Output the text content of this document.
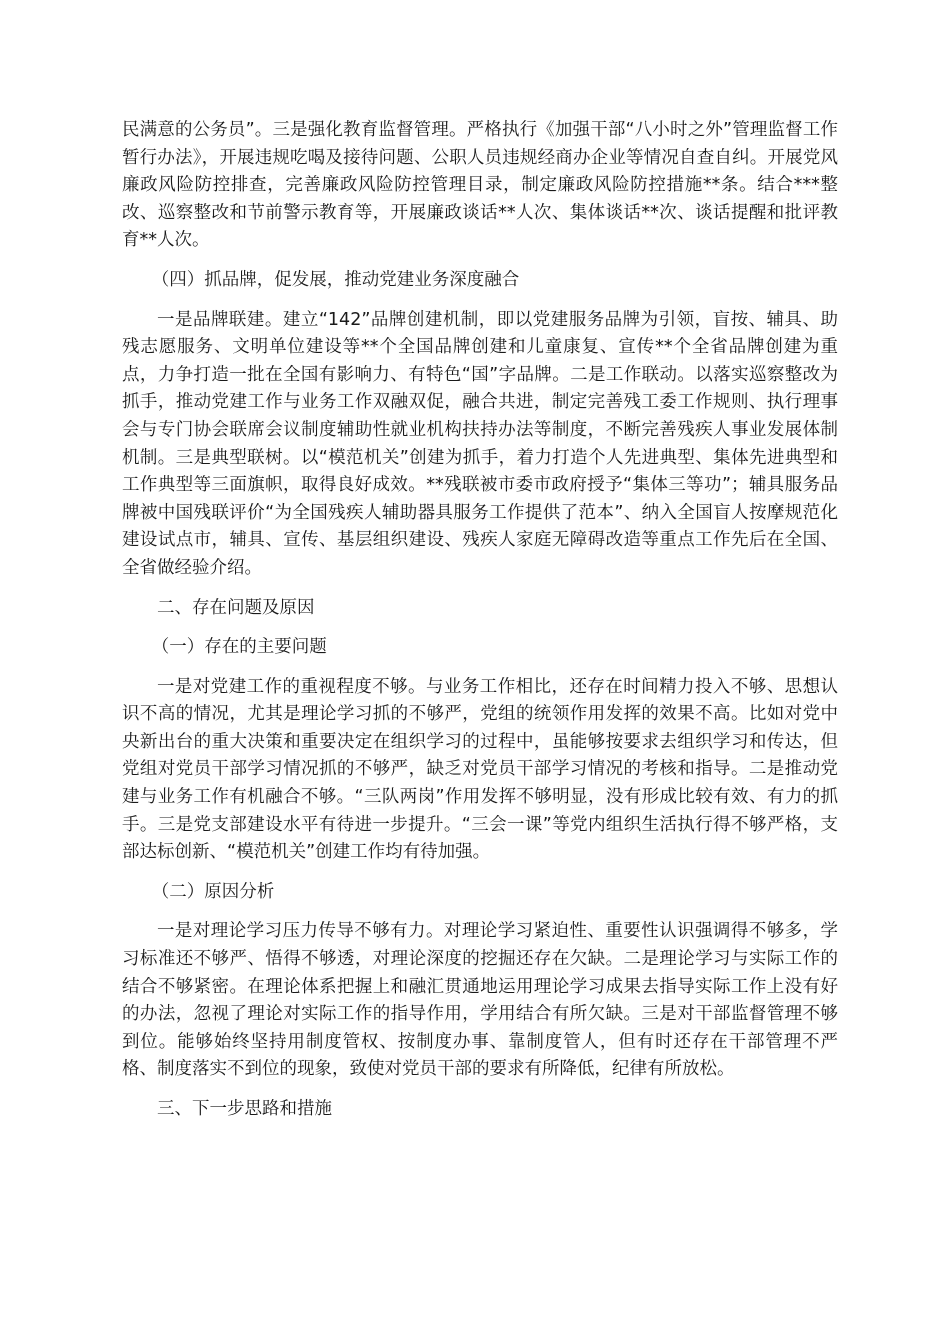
民满意的公务员”。三是强化教育监督管理。严格执行《加强干部“八小时之外”管理监督工作暂行办法》，开展违规吃喝及接待问题、公职人员违规经商办企业等情况自查自纠。开展党风廉政风险防控排查，完善廉政风险防控管理目录，制定廉政风险防控措施**条。结合***整改、巡察整改和节前警示教育等，开展廉政谈话**人次、集体谈话**次、谈话提醒和批评教育**人次。

（四）抓品牌，促发展，推动党建业务深度融合

一是品牌联建。建立“142”品牌创建机制，即以党建服务品牌为引领，盲按、辅具、助残志愿服务、文明单位建设等**个全国品牌创建和儿童康复、宣传**个全省品牌创建为重点，力争打造一批在全国有影响力、有特色“国”字品牌。二是工作联动。以落实巡察整改为抓手，推动党建工作与业务工作双融双促，融合共进，制定完善残工委工作规则、执行理事会与专门协会联席会议制度辅助性就业机构扶持办法等制度，不断完善残疾人事业发展体制机制。三是典型联树。以“模范机关”创建为抓手，着力打造个人先进典型、集体先进典型和工作典型等三面旗帜，取得良好成效。**残联被市委市政府授予“集体三等功”；辅具服务品牌被中国残联评价“为全国残疾人辅助器具服务工作提供了范本”、纳入全国盲人按摩规范化建设试点市，辅具、宣传、基层组织建设、残疾人家庭无障碍改造等重点工作先后在全国、全省做经验介绍。

二、存在问题及原因

（一）存在的主要问题

一是对党建工作的重视程度不够。与业务工作相比，还存在时间精力投入不够、思想认识不高的情况，尤其是理论学习抓的不够严，党组的统领作用发挥的效果不高。比如对党中央新出台的重大决策和重要决定在组织学习的过程中，虽能够按要求去组织学习和传达，但党组对党员干部学习情况抓的不够严，缺乏对党员干部学习情况的考核和指导。二是推动党建与业务工作有机融合不够。“三队两岗”作用发挥不够明显，没有形成比较有效、有力的抓手。三是党支部建设水平有待进一步提升。“三会一课”等党内组织生活执行得不够严格，支部达标创新、“模范机关”创建工作均有待加强。

（二）原因分析

一是对理论学习压力传导不够有力。对理论学习紧迫性、重要性认识强调得不够多，学习标准还不够严、悟得不够透，对理论深度的挖掘还存在欠缺。二是理论学习与实际工作的结合不够紧密。在理论体系把握上和融汇贯通地运用理论学习成果去指导实际工作上没有好的办法，忽视了理论对实际工作的指导作用，学用结合有所欠缺。三是对干部监督管理不够到位。能够始终坚持用制度管权、按制度办事、靠制度管人，但有时还存在干部管理不严格、制度落实不到位的现象，致使对党员干部的要求有所降低，纪律有所放松。

三、下一步思路和措施
